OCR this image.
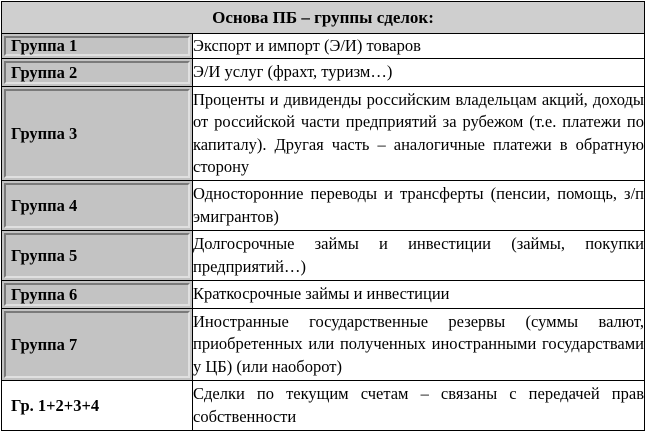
Основа ПБ – группы сделок:	

Группа 1	Экспорт и импорт (Э/И) товаров

Группа 2	Э/И услуг (фрахт, туризм…)

Группа 3	Проценты и дивиденды российским владельцам акций, доходы от российской части предприятий за рубежом (т.е. платежи по капиталу). Другая часть – аналогичные платежи в обратную сторону

Группа 4	Односторонние переводы и трансферты (пенсии, помощь, з/п эмигрантов)

Группа 5	Долгосрочные займы и инвестиции (займы, покупки предприятий…)

Группа 6	Краткосрочные займы и инвестиции

Группа 7	Иностранные государственные резервы (суммы валют, приобретенных или полученных иностранными государствами у ЦБ) (или наоборот)
Гр. 1+2+3+4	Сделки по текущим счетам – связаны с передачей прав собственности
